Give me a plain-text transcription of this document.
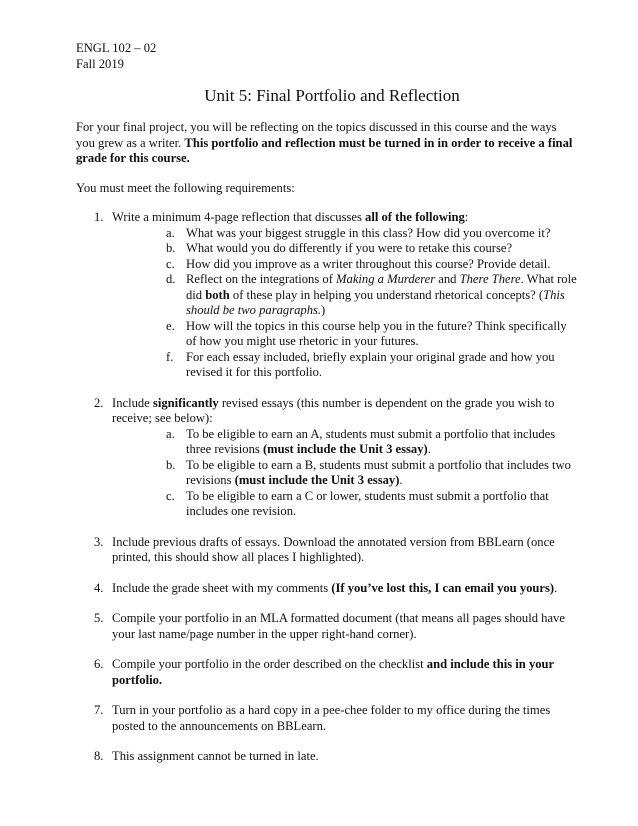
ENGL 102 – 02
Fall 2019
Unit 5: Final Portfolio and Reflection

For your final project, you will be reflecting on the topics discussed in this course and the ways you grew as a writer. This portfolio and reflection must be turned in in order to receive a final grade for this course.

You must meet the following requirements:

1. Write a minimum 4-page reflection that discusses all of the following:
a. What was your biggest struggle in this class? How did you overcome it?
b. What would you do differently if you were to retake this course?
c. How did you improve as a writer throughout this course? Provide detail.
d. Reflect on the integrations of Making a Murderer and There There. What role did both of these play in helping you understand rhetorical concepts? (This should be two paragraphs.)
e. How will the topics in this course help you in the future? Think specifically of how you might use rhetoric in your futures.
f. For each essay included, briefly explain your original grade and how you revised it for this portfolio.
2. Include significantly revised essays (this number is dependent on the grade you wish to receive; see below):
a. To be eligible to earn an A, students must submit a portfolio that includes three revisions (must include the Unit 3 essay).
b. To be eligible to earn a B, students must submit a portfolio that includes two revisions (must include the Unit 3 essay).
c. To be eligible to earn a C or lower, students must submit a portfolio that includes one revision.
3. Include previous drafts of essays. Download the annotated version from BBLearn (once printed, this should show all places I highlighted).
4. Include the grade sheet with my comments (If you’ve lost this, I can email you yours).
5. Compile your portfolio in an MLA formatted document (that means all pages should have your last name/page number in the upper right-hand corner).
6. Compile your portfolio in the order described on the checklist and include this in your portfolio.
7. Turn in your portfolio as a hard copy in a pee-chee folder to my office during the times posted to the announcements on BBLearn.
8. This assignment cannot be turned in late.
